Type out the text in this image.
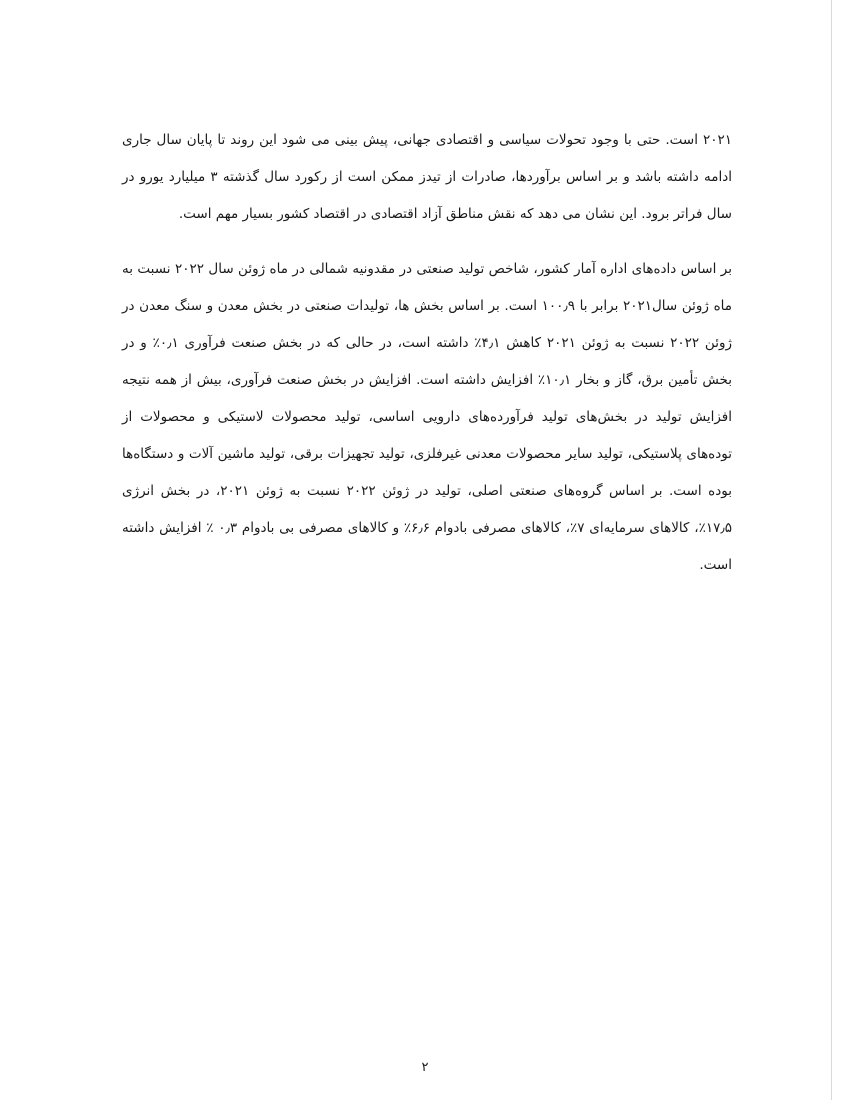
۲۰۲۱ است. حتی با وجود تحولات سیاسی و اقتصادی جهانی، پیش بینی می شود این روند تا پایان سال جاری ادامه داشته باشد و بر اساس برآوردها، صادرات از تیدز ممکن است از رکورد سال گذشته ۳ میلیارد یورو در سال فراتر برود. این نشان می دهد که نقش مناطق آزاد اقتصادی در اقتصاد کشور بسیار مهم است.

بر اساس داده‌های اداره آمار کشور، شاخص تولید صنعتی در مقدونیه شمالی در ماه ژوئن سال ۲۰۲۲ نسبت به ماه ژوئن سال۲۰۲۱ برابر با ۱۰۰٫۹ است. بر اساس بخش ها، تولیدات صنعتی در بخش معدن و سنگ معدن در ژوئن ۲۰۲۲ نسبت به ژوئن ۲۰۲۱ کاهش ۴٫۱٪ داشته است، در حالی که در بخش صنعت فرآوری ۰٫۱٪ و در بخش تأمین برق، گاز و بخار ۱۰٫۱٪ افزایش داشته است. افزایش در بخش صنعت فرآوری، بیش از همه نتیجه افزایش تولید در بخش‌های تولید فرآورده‌های دارویی اساسی، تولید محصولات لاستیکی و محصولات از توده‌های پلاستیکی، تولید سایر محصولات معدنی غیرفلزی، تولید تجهیزات برقی، تولید ماشین آلات و دستگاه‌ها بوده است. بر اساس گروه‌های صنعتی اصلی، تولید در ژوئن ۲۰۲۲ نسبت به ژوئن ۲۰۲۱، در بخش انرژی ۱۷٫۵٪، کالاهای سرمایه‌ای ۷٪، کالاهای مصرفی بادوام ۶٫۶٪ و کالاهای مصرفی بی بادوام ۰٫۳ ٪ افزایش داشته است.

۲
